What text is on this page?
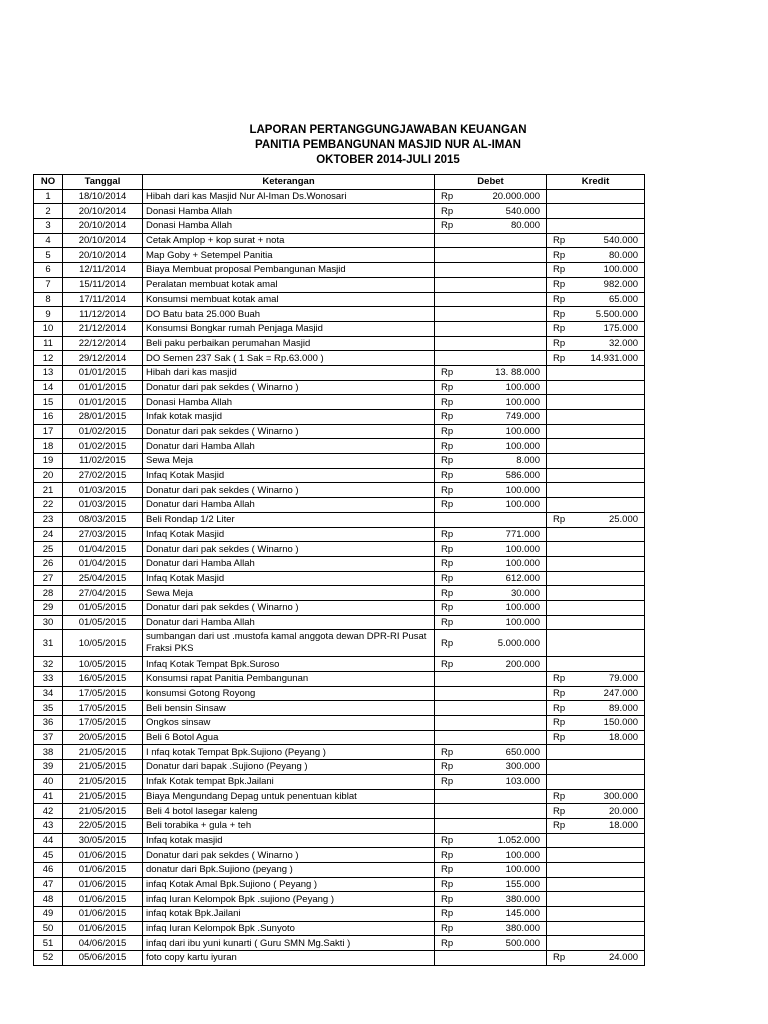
LAPORAN PERTANGGUNGJAWABAN KEUANGAN
PANITIA PEMBANGUNAN MASJID NUR AL-IMAN
OKTOBER 2014-JULI 2015
NO	Tanggal	Keterangan	Debet		Kredit	
1	18/10/2014	Hibah dari kas Masjid Nur Al-Iman Ds.Wonosari	Rp	20.000.000		
2	20/10/2014	Donasi Hamba Allah	Rp	540.000		
3	20/10/2014	Donasi Hamba Allah	Rp	80.000		
4	20/10/2014	Cetak Amplop + kop surat + nota			Rp	540.000
5	20/10/2014	Map Goby + Setempel Panitia			Rp	80.000
6	12/11/2014	Biaya Membuat proposal Pembangunan Masjid			Rp	100.000
7	15/11/2014	Peralatan membuat kotak amal			Rp	982.000
8	17/11/2014	Konsumsi membuat kotak amal			Rp	65.000
9	11/12/2014	DO Batu bata 25.000 Buah			Rp	5.500.000
10	21/12/2014	Konsumsi Bongkar rumah Penjaga Masjid			Rp	175.000
11	22/12/2014	Beli paku perbaikan perumahan Masjid			Rp	32.000
12	29/12/2014	DO Semen 237 Sak ( 1 Sak = Rp.63.000 )			Rp	14.931.000
13	01/01/2015	Hibah dari kas masjid	Rp	13. 88.000		
14	01/01/2015	Donatur dari pak sekdes ( Winarno )	Rp	100.000		
15	01/01/2015	Donasi Hamba Allah	Rp	100.000		
16	28/01/2015	Infak kotak masjid	Rp	749.000		
17	01/02/2015	Donatur dari pak sekdes ( Winarno )	Rp	100.000		
18	01/02/2015	Donatur dari Hamba Allah	Rp	100.000		
19	11/02/2015	Sewa Meja	Rp	8.000		
20	27/02/2015	Infaq Kotak Masjid	Rp	586.000		
21	01/03/2015	Donatur dari pak sekdes ( Winarno )	Rp	100.000		
22	01/03/2015	Donatur dari Hamba Allah	Rp	100.000		
23	08/03/2015	Beli Rondap 1/2 Liter			Rp	25.000
24	27/03/2015	Infaq Kotak Masjid	Rp	771.000		
25	01/04/2015	Donatur dari pak sekdes ( Winarno )	Rp	100.000		
26	01/04/2015	Donatur dari Hamba Allah	Rp	100.000		
27	25/04/2015	Infaq Kotak Masjid	Rp	612.000		
28	27/04/2015	Sewa Meja	Rp	30.000		
29	01/05/2015	Donatur dari pak sekdes ( Winarno )	Rp	100.000		
30	01/05/2015	Donatur dari Hamba Allah	Rp	100.000		
31	10/05/2015	sumbangan dari ust .mustofa kamal anggota dewan DPR-RI Pusat Fraksi PKS	Rp	5.000.000		
32	10/05/2015	Infaq Kotak Tempat Bpk.Suroso	Rp	200.000		
33	16/05/2015	Konsumsi rapat Panitia Pembangunan			Rp	79.000
34	17/05/2015	konsumsi Gotong Royong			Rp	247.000
35	17/05/2015	Beli bensin Sinsaw			Rp	89.000
36	17/05/2015	Ongkos sinsaw			Rp	150.000
37	20/05/2015	Beli 6 Botol Agua			Rp	18.000
38	21/05/2015	I nfaq kotak Tempat Bpk.Sujiono (Peyang )	Rp	650.000		
39	21/05/2015	Donatur dari bapak .Sujiono (Peyang )	Rp	300.000		
40	21/05/2015	Infak Kotak tempat Bpk.Jailani	Rp	103.000		
41	21/05/2015	Biaya Mengundang Depag untuk penentuan kiblat			Rp	300.000
42	21/05/2015	Beli 4 botol lasegar kaleng			Rp	20.000
43	22/05/2015	Beli torabika + gula + teh			Rp	18.000
44	30/05/2015	Infaq kotak masjid	Rp	1.052.000		
45	01/06/2015	Donatur dari pak sekdes ( Winarno )	Rp	100.000		
46	01/06/2015	donatur dari Bpk.Sujiono (peyang )	Rp	100.000		
47	01/06/2015	infaq Kotak Amal Bpk.Sujiono ( Peyang )	Rp	155.000		
48	01/06/2015	infaq Iuran Kelompok Bpk .sujiono (Peyang )	Rp	380.000		
49	01/06/2015	infaq kotak Bpk.Jailani	Rp	145.000		
50	01/06/2015	infaq Iuran Kelompok Bpk .Sunyoto	Rp	380.000		
51	04/06/2015	infaq dari ibu yuni kunarti ( Guru SMN Mg.Sakti )	Rp	500.000		
52	05/06/2015	foto copy kartu iyuran			Rp	24.000
